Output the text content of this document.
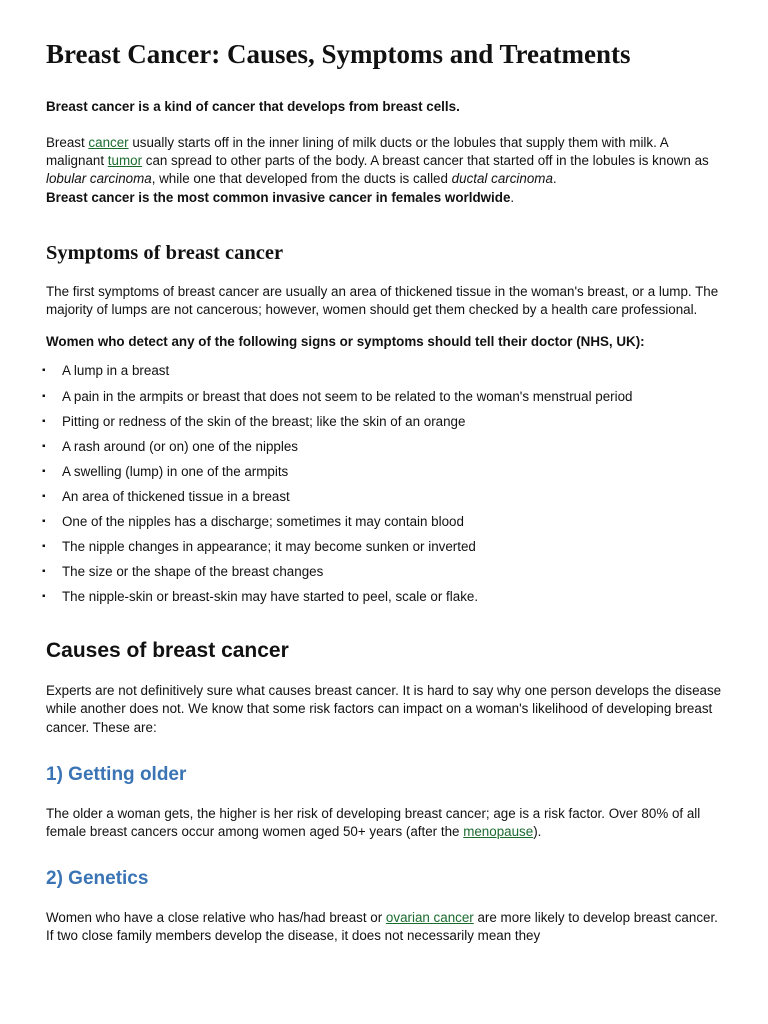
Breast Cancer: Causes, Symptoms and Treatments

Breast cancer is a kind of cancer that develops from breast cells.

Breast cancer usually starts off in the inner lining of milk ducts or the lobules that supply them with milk. A malignant tumor can spread to other parts of the body. A breast cancer that started off in the lobules is known as lobular carcinoma, while one that developed from the ducts is called ductal carcinoma.
Breast cancer is the most common invasive cancer in females worldwide.

Symptoms of breast cancer

The first symptoms of breast cancer are usually an area of thickened tissue in the woman's breast, or a lump. The majority of lumps are not cancerous; however, women should get them checked by a health care professional.

Women who detect any of the following signs or symptoms should tell their doctor (NHS, UK):

▪ A lump in a breast
▪ A pain in the armpits or breast that does not seem to be related to the woman's menstrual period
▪ Pitting or redness of the skin of the breast; like the skin of an orange
▪ A rash around (or on) one of the nipples
▪ A swelling (lump) in one of the armpits
▪ An area of thickened tissue in a breast
▪ One of the nipples has a discharge; sometimes it may contain blood
▪ The nipple changes in appearance; it may become sunken or inverted
▪ The size or the shape of the breast changes
▪ The nipple-skin or breast-skin may have started to peel, scale or flake.
Causes of breast cancer

Experts are not definitively sure what causes breast cancer. It is hard to say why one person develops the disease while another does not. We know that some risk factors can impact on a woman's likelihood of developing breast cancer. These are:

1) Getting older

The older a woman gets, the higher is her risk of developing breast cancer; age is a risk factor. Over 80% of all female breast cancers occur among women aged 50+ years (after the menopause).

2) Genetics

Women who have a close relative who has/had breast or ovarian cancer are more likely to develop breast cancer. If two close family members develop the disease, it does not necessarily mean they
